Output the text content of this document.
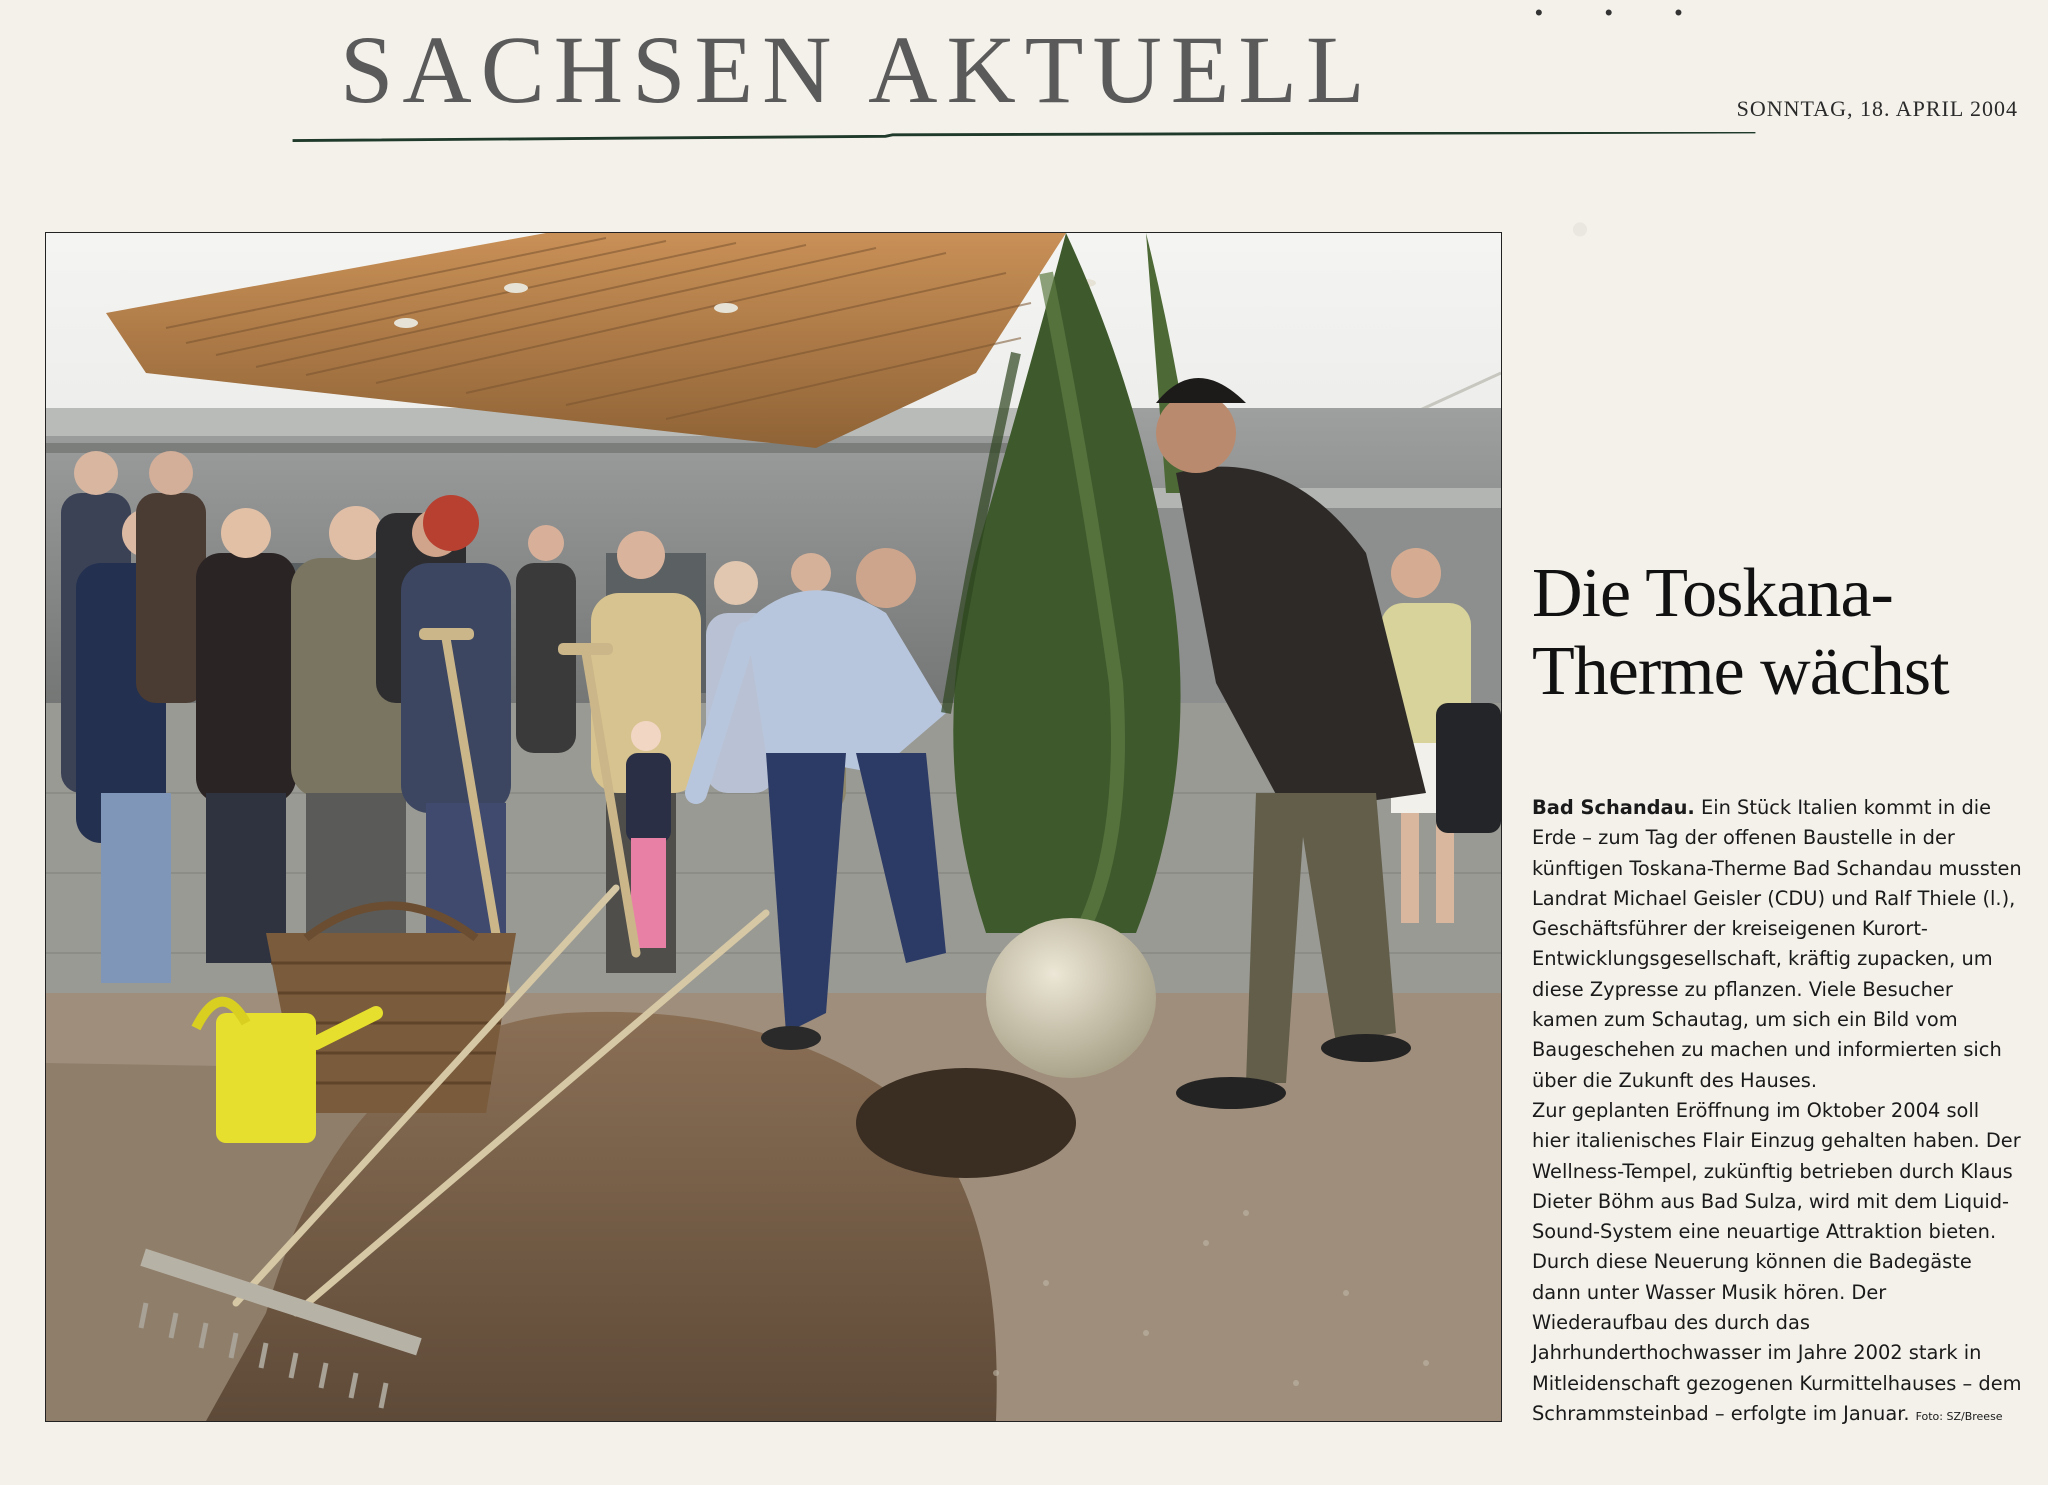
• • •
SACHSEN AKTUELL	SONNTAG, 18. APRIL 2004
·
Die Toskana-
Therme wächst

Bad Schandau. Ein Stück Italien kommt in die Erde – zum Tag der offenen Baustelle in der künftigen Toskana-Therme Bad Schandau mussten Landrat Michael Geisler (CDU) und Ralf Thiele (l.), Geschäftsführer der kreiseigenen Kurort-Entwicklungsgesellschaft, kräftig zupacken, um diese Zypresse zu pflanzen. Viele Besucher kamen zum Schautag, um sich ein Bild vom Baugeschehen zu machen und informierten sich über die Zukunft des Hauses.

Zur geplanten Eröffnung im Oktober 2004 soll hier italienisches Flair Einzug gehalten haben. Der Wellness-Tempel, zukünftig betrieben durch Klaus Dieter Böhm aus Bad Sulza, wird mit dem Liquid-Sound-System eine neuartige Attraktion bieten. Durch diese Neuerung können die Badegäste dann unter Wasser Musik hören. Der Wiederaufbau des durch das Jahrhunderthochwasser im Jahre 2002 stark in Mitleidenschaft gezogenen Kurmittelhauses – dem Schrammsteinbad – erfolgte im Januar. Foto: SZ/Breese
